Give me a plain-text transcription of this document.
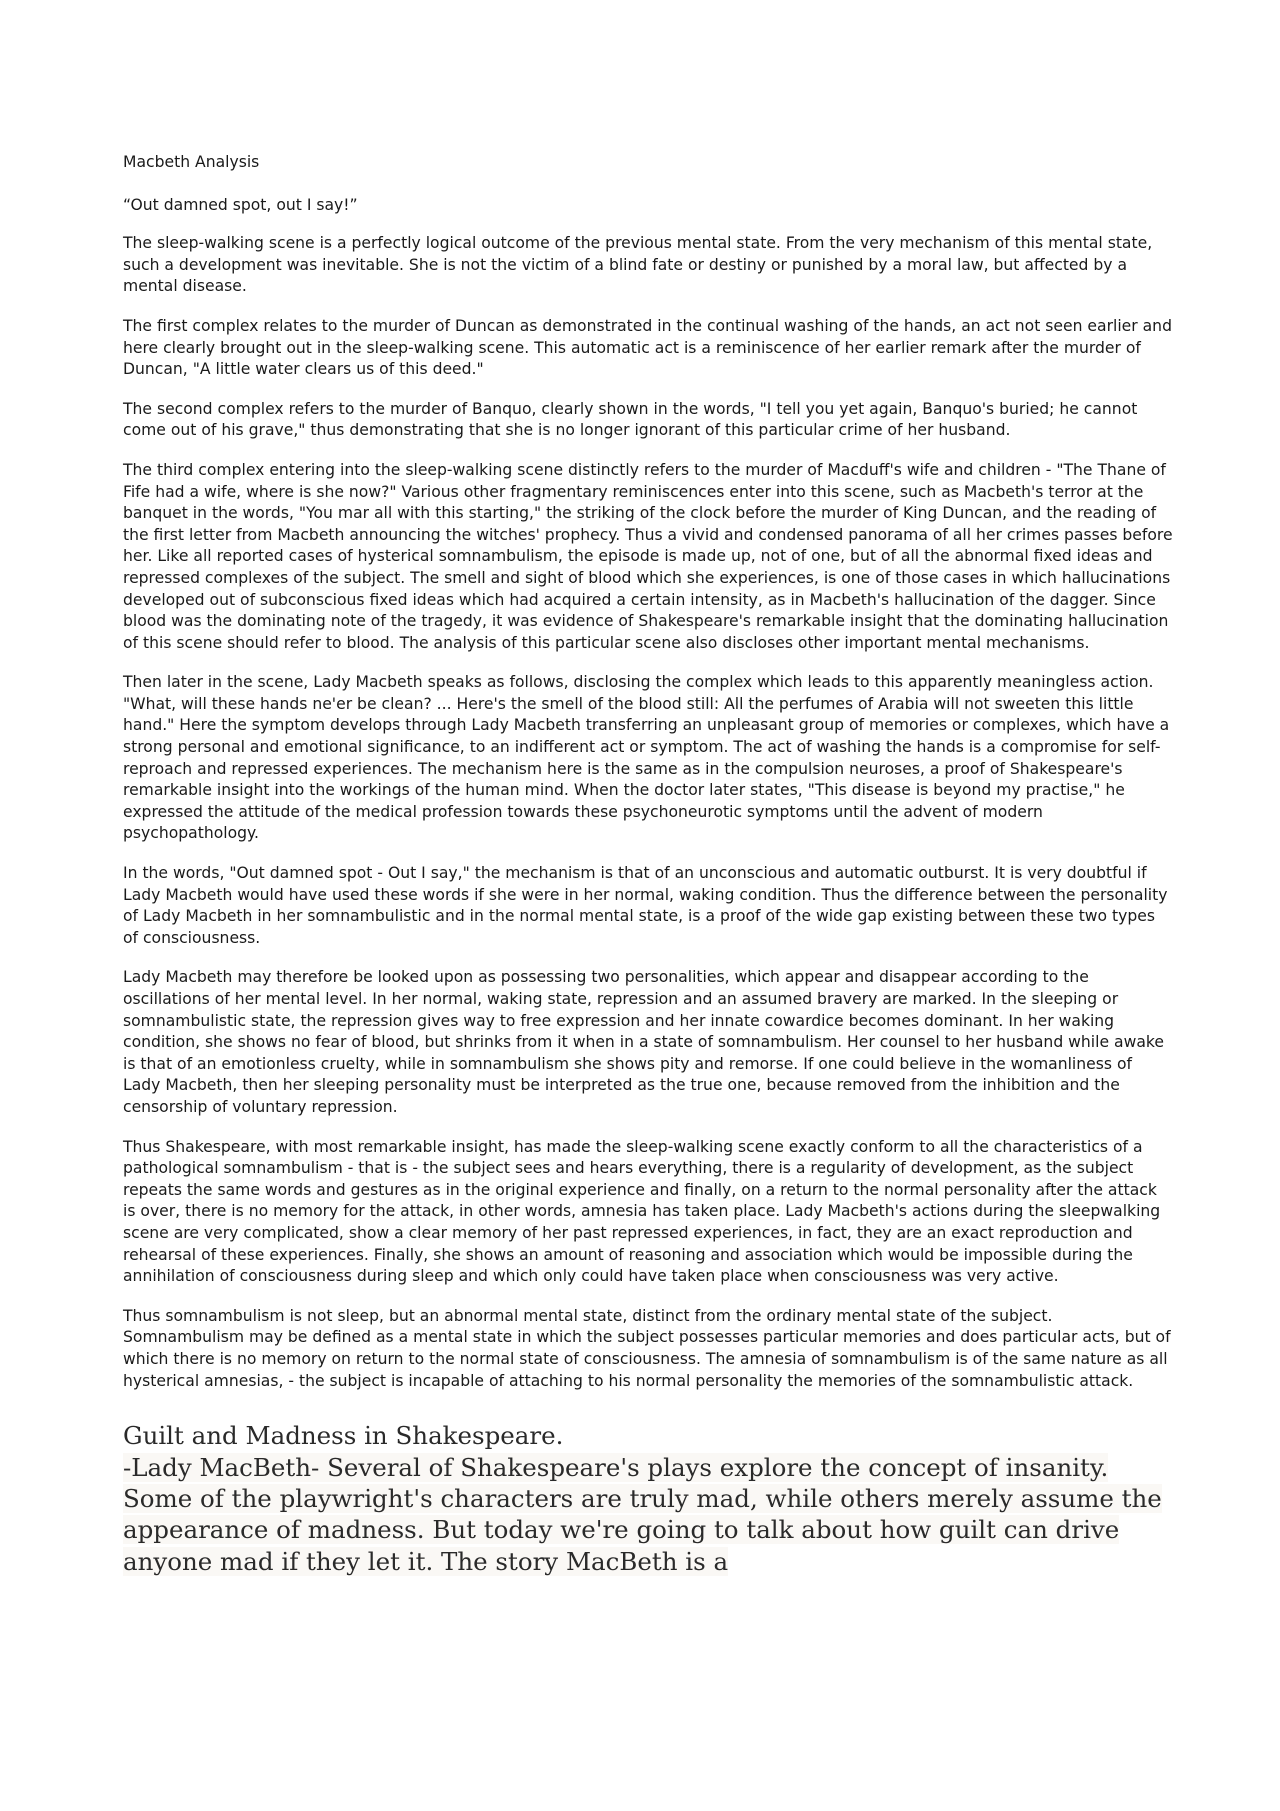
Macbeth Analysis

“Out damned spot, out I say!”

The sleep-walking scene is a perfectly logical outcome of the previous mental state. From the very mechanism of this mental state, such a development was inevitable. She is not the victim of a blind fate or destiny or punished by a moral law, but affected by a mental disease.

The first complex relates to the murder of Duncan as demonstrated in the continual washing of the hands, an act not seen earlier and here clearly brought out in the sleep-walking scene. This automatic act is a reminiscence of her earlier remark after the murder of Duncan, "A little water clears us of this deed."

The second complex refers to the murder of Banquo, clearly shown in the words, "I tell you yet again, Banquo's buried; he cannot come out of his grave," thus demonstrating that she is no longer ignorant of this particular crime of her husband.

The third complex entering into the sleep-walking scene distinctly refers to the murder of Macduff's wife and children - "The Thane of Fife had a wife, where is she now?" Various other fragmentary reminiscences enter into this scene, such as Macbeth's terror at the banquet in the words, "You mar all with this starting," the striking of the clock before the murder of King Duncan, and the reading of the first letter from Macbeth announcing the witches' prophecy. Thus a vivid and condensed panorama of all her crimes passes before her. Like all reported cases of hysterical somnambulism, the episode is made up, not of one, but of all the abnormal fixed ideas and repressed complexes of the subject. The smell and sight of blood which she experiences, is one of those cases in which hallucinations developed out of subconscious fixed ideas which had acquired a certain intensity, as in Macbeth's hallucination of the dagger. Since blood was the dominating note of the tragedy, it was evidence of Shakespeare's remarkable insight that the dominating hallucination of this scene should refer to blood. The analysis of this particular scene also discloses other important mental mechanisms.

Then later in the scene, Lady Macbeth speaks as follows, disclosing the complex which leads to this apparently meaningless action. "What, will these hands ne'er be clean? ... Here's the smell of the blood still: All the perfumes of Arabia will not sweeten this little hand." Here the symptom develops through Lady Macbeth transferring an unpleasant group of memories or complexes, which have a strong personal and emotional significance, to an indifferent act or symptom. The act of washing the hands is a compromise for self-reproach and repressed experiences. The mechanism here is the same as in the compulsion neuroses, a proof of Shakespeare's remarkable insight into the workings of the human mind. When the doctor later states, "This disease is beyond my practise," he expressed the attitude of the medical profession towards these psychoneurotic symptoms until the advent of modern psychopathology.

In the words, "Out damned spot - Out I say," the mechanism is that of an unconscious and automatic outburst. It is very doubtful if Lady Macbeth would have used these words if she were in her normal, waking condition. Thus the difference between the personality of Lady Macbeth in her somnambulistic and in the normal mental state, is a proof of the wide gap existing between these two types of consciousness.

Lady Macbeth may therefore be looked upon as possessing two personalities, which appear and disappear according to the oscillations of her mental level. In her normal, waking state, repression and an assumed bravery are marked. In the sleeping or somnambulistic state, the repression gives way to free expression and her innate cowardice becomes dominant. In her waking condition, she shows no fear of blood, but shrinks from it when in a state of somnambulism. Her counsel to her husband while awake is that of an emotionless cruelty, while in somnambulism she shows pity and remorse. If one could believe in the womanliness of Lady Macbeth, then her sleeping personality must be interpreted as the true one, because removed from the inhibition and the censorship of voluntary repression.

Thus Shakespeare, with most remarkable insight, has made the sleep-walking scene exactly conform to all the characteristics of a pathological somnambulism - that is - the subject sees and hears everything, there is a regularity of development, as the subject repeats the same words and gestures as in the original experience and finally, on a return to the normal personality after the attack is over, there is no memory for the attack, in other words, amnesia has taken place. Lady Macbeth's actions during the sleepwalking scene are very complicated, show a clear memory of her past repressed experiences, in fact, they are an exact reproduction and rehearsal of these experiences. Finally, she shows an amount of reasoning and association which would be impossible during the annihilation of consciousness during sleep and which only could have taken place when consciousness was very active.

Thus somnambulism is not sleep, but an abnormal mental state, distinct from the ordinary mental state of the subject. Somnambulism may be defined as a mental state in which the subject possesses particular memories and does particular acts, but of which there is no memory on return to the normal state of consciousness. The amnesia of somnambulism is of the same nature as all hysterical amnesias, - the subject is incapable of attaching to his normal personality the memories of the somnambulistic attack.

Guilt and Madness in Shakespeare.
-Lady MacBeth- Several of Shakespeare's plays explore the concept of insanity. Some of the playwright's characters are truly mad, while others merely assume the appearance of madness. But today we're going to talk about how guilt can drive anyone mad if they let it. The story MacBeth is a
